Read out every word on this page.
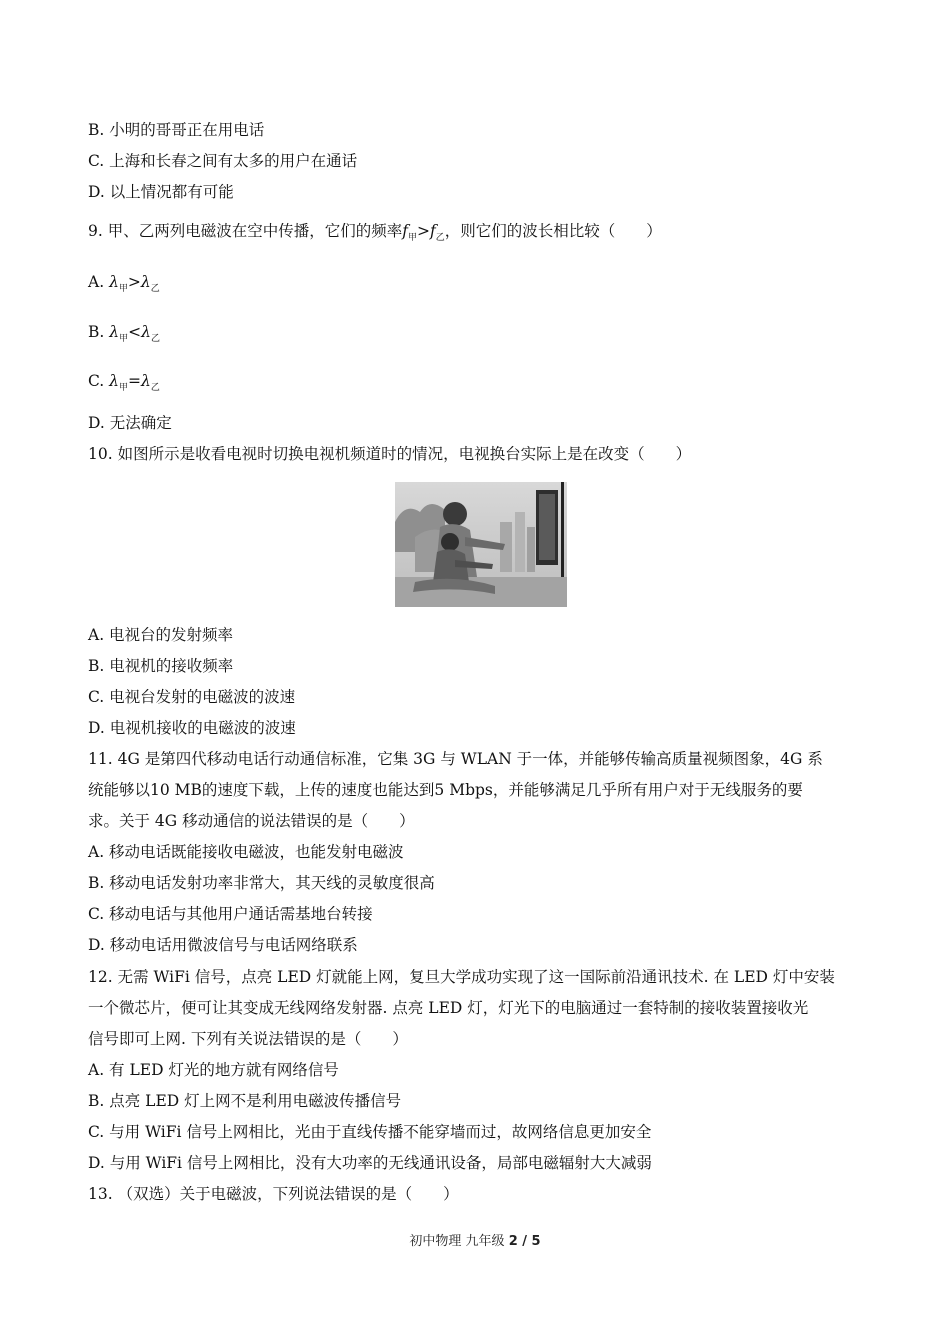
B. 小明的哥哥正在用电话
C. 上海和长春之间有太多的用户在通话
D. 以上情况都有可能
9. 甲、乙两列电磁波在空中传播，它们的频率$f_甲>f_乙$，则它们的波长相比较（　　）
A. $\lambda_甲>\lambda_乙$
B. $\lambda_甲<\lambda_乙$
C. $\lambda_甲=\lambda_乙$
D. 无法确定
10. 如图所示是收看电视时切换电视机频道时的情况，电视换台实际上是在改变（　　）
A. 电视台的发射频率
B. 电视机的接收频率
C. 电视台发射的电磁波的波速
D. 电视机接收的电磁波的波速
11. 4G 是第四代移动电话行动通信标准，它集 3G 与 WLAN 于一体，并能够传输高质量视频图象，4G 系
统能够以10 MB的速度下载，上传的速度也能达到5 Mbps，并能够满足几乎所有用户对于无线服务的要
求。关于 4G 移动通信的说法错误的是（　　）
A. 移动电话既能接收电磁波，也能发射电磁波
B. 移动电话发射功率非常大，其天线的灵敏度很高
C. 移动电话与其他用户通话需基地台转接
D. 移动电话用微波信号与电话网络联系
12. 无需 WiFi 信号，点亮 LED 灯就能上网，复旦大学成功实现了这一国际前沿通讯技术. 在 LED 灯中安装
一个微芯片，便可让其变成无线网络发射器. 点亮 LED 灯，灯光下的电脑通过一套特制的接收装置接收光
信号即可上网. 下列有关说法错误的是（　　）
A. 有 LED 灯光的地方就有网络信号
B. 点亮 LED 灯上网不是利用电磁波传播信号
C. 与用 WiFi 信号上网相比，光由于直线传播不能穿墙而过，故网络信息更加安全
D. 与用 WiFi 信号上网相比，没有大功率的无线通讯设备，局部电磁辐射大大减弱
13. （双选）关于电磁波，下列说法错误的是（　　）
初中物理 九年级 2 / 5
